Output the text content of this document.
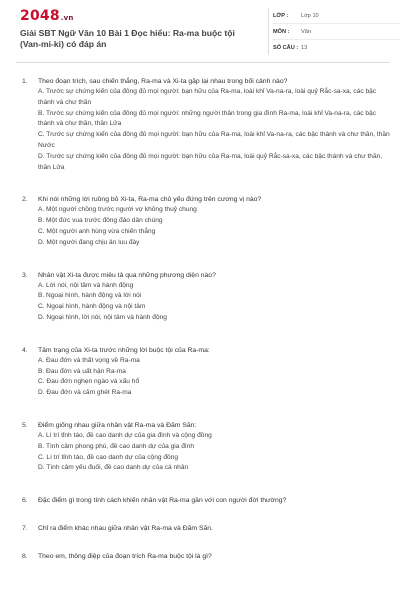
2048.vn
Giải SBT Ngữ Văn 10 Bài 1 Đọc hiểu: Ra-ma buộc tội (Van-mi-ki) có đáp án
LỚP :	Lớp 10
MÔN :	Văn
SỐ CÂU : 13
1.	Theo đoạn trích, sau chiến thắng, Ra-ma và Xi-ta gặp lại nhau trong bối cảnh nào?
A. Trước sự chứng kiến của đông đủ mọi người: bạn hữu của Ra-ma, loài khỉ Va-na-ra, loài quỷ Rắc-sa-xa, các bậc thánh và chư thần
B. Trước sự chứng kiến của đông đủ mọi người: những người thân trong gia đình Ra-ma, loài khỉ Va-na-ra, các bậc thánh và chư thần, thần Lửa
C. Trước sự chứng kiến của đông đủ mọi người: bạn hữu của Ra-ma, loài khỉ Va-na-ra, các bậc thánh và chư thần, thần Nước
D. Trước sự chứng kiến của đông đủ mọi người: bạn hữu của Ra-ma, loài quỷ Rắc-sa-xa, các bậc thánh và chư thần, thần Lửa
2.	Khi nói những lời ruồng bỏ Xi-ta, Ra-ma chủ yếu đứng trên cương vị nào?
A. Một người chồng trước người vợ không thuỷ chung
B. Một đức vua trước đông đảo dân chúng
C. Một người anh hùng vừa chiến thắng
D. Một người đang chịu ân luu đày
3.	Nhân vật Xi-ta được miêu tả qua những phương diện nào?
A. Lời nói, nội tâm và hành động
B. Ngoại hình, hành động và lời nói
C. Ngoại hình, hành động và nội tâm
D. Ngoại hình, lời nói, nội tâm và hành động
4.	Tâm trạng của Xi-ta trước những lời buộc tội của Ra-ma:
A. Đau đớn và thất vọng về Ra-ma
B. Đau đớn và uất hận Ra-ma
C. Đau đớn nghẹn ngào và xấu hổ
D. Đau đớn và căm ghét Ra-ma
5.	Điểm giống nhau giữa nhân vật Ra-ma và Đăm Săn:
A. Lí trí tỉnh táo, đề cao danh dự của gia đình và cộng đồng
B. Tình cảm phong phú, đề cao danh dự của gia đình
C. Lí trí tỉnh táo, đề cao danh dự của cộng đồng
D. Tình cảm yếu đuối, đề cao danh dự của cá nhân
6.	Đặc điểm gì trong tính cách khiến nhân vật Ra-ma gần với con người đời thường?
7.	Chỉ ra điểm khác nhau giữa nhân vật Ra-ma và Đăm Săn.
8.	Theo em, thông điệp của đoạn trích Ra-ma buộc tội là gì?
